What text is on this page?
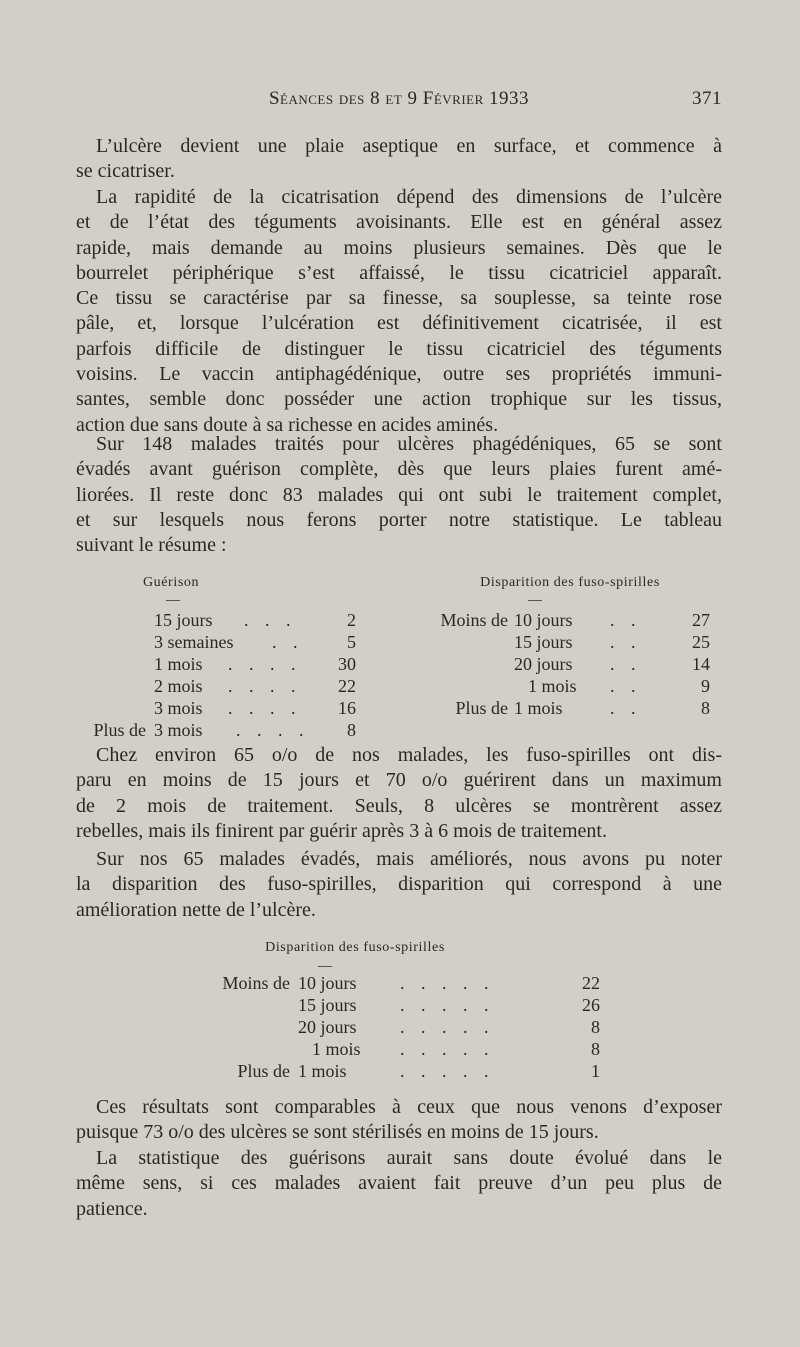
Séances des 8 et 9 Février 1933	371
L’ulcère devient une plaie aseptique en surface, et commence à
se cicatriser.
La rapidité de la cicatrisation dépend des dimensions de l’ulcère
et de l’état des téguments avoisinants. Elle est en général assez
rapide, mais demande au moins plusieurs semaines. Dès que le
bourrelet périphérique s’est affaissé, le tissu cicatriciel apparaît.
Ce tissu se caractérise par sa finesse, sa souplesse, sa teinte rose
pâle, et, lorsque l’ulcération est définitivement cicatrisée, il est
parfois difficile de distinguer le tissu cicatriciel des téguments
voisins. Le vaccin antiphagédénique, outre ses propriétés immuni-
santes, semble donc posséder une action trophique sur les tissus,
action due sans doute à sa richesse en acides aminés.
Sur 148 malades traités pour ulcères phagédéniques, 65 se sont
évadés avant guérison complète, dès que leurs plaies furent amé-
liorées. Il reste donc 83 malades qui ont subi le traitement complet,
et sur lesquels nous ferons porter notre statistique. Le tableau
suivant le résume :
Guérison
15 jours . . .	2
3 semaines . .	5
1 mois . . . .	30
2 mois . . . .	22
3 mois . . . .	16
Plus de 3 mois . . . .	8
Disparition des fuso-spirilles
Moins de 10 jours . .	27
15 jours . .	25
20 jours . .	14
1 mois . .	9
Plus de 1 mois	. .	8
Chez environ 65 o/o de nos malades, les fuso-spirilles ont dis-
paru en moins de 15 jours et 70 o/o guérirent dans un maximum
de 2 mois de traitement. Seuls, 8 ulcères se montrèrent assez
rebelles, mais ils finirent par guérir après 3 à 6 mois de traitement.
Sur nos 65 malades évadés, mais améliorés, nous avons pu noter
la disparition des fuso-spirilles, disparition qui correspond à une
amélioration nette de l’ulcère.
Disparition des fuso-spirilles
Moins de 10 jours . . . . .	22
15 jours . . . . .	26
20 jours . . . . .	8
1 mois . . . . .	8
Plus de 1 mois	. . . . .	1
Ces résultats sont comparables à ceux que nous venons d’exposer
puisque 73 o/o des ulcères se sont stérilisés en moins de 15 jours.
La statistique des guérisons aurait sans doute évolué dans le
même sens, si ces malades avaient fait preuve d’un peu plus de
patience.
